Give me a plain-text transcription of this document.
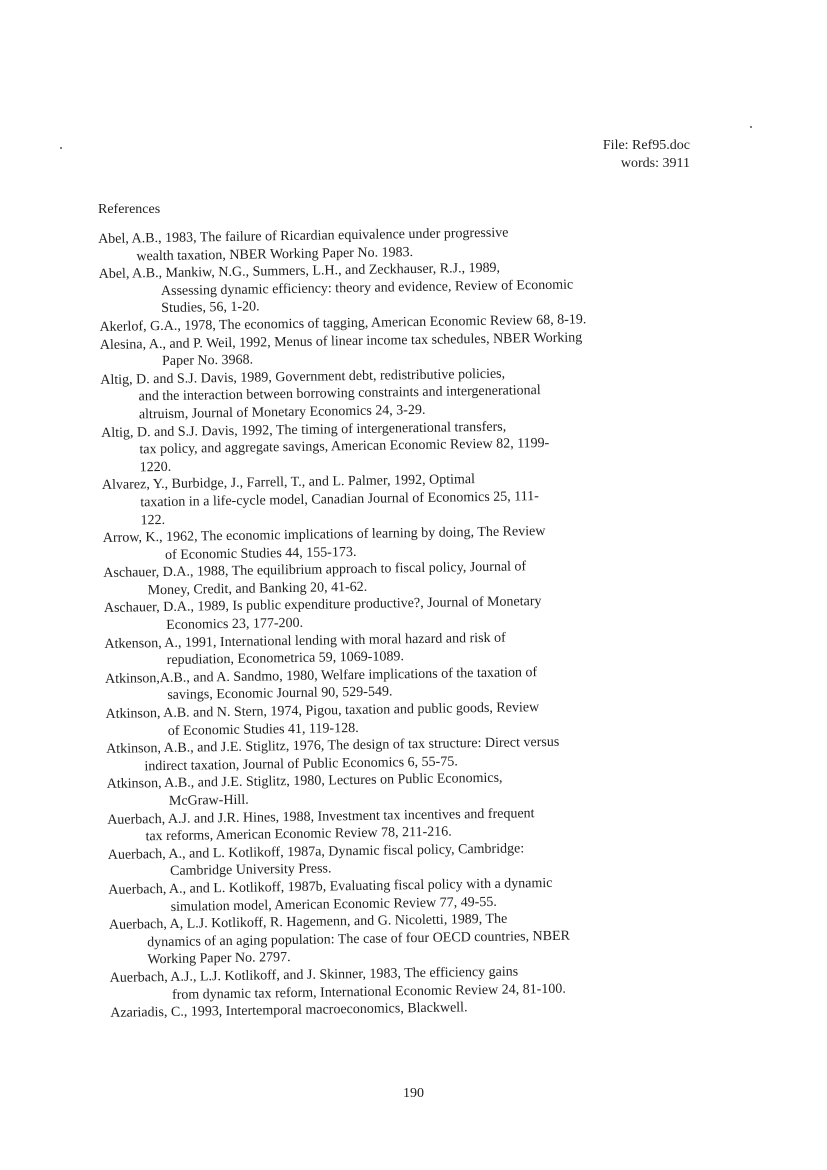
File: Ref95.doc
words: 3911
References
Abel, A.B., 1983, The failure of Ricardian equivalence under progressive
wealth taxation, NBER Working Paper No. 1983.
Abel, A.B., Mankiw, N.G., Summers, L.H., and Zeckhauser, R.J., 1989,
Assessing dynamic efficiency: theory and evidence, Review of Economic
Studies, 56, 1-20.
Akerlof, G.A., 1978, The economics of tagging, American Economic Review 68, 8-19.
Alesina, A., and P. Weil, 1992, Menus of linear income tax schedules, NBER Working
Paper No. 3968.
Altig, D. and S.J. Davis, 1989, Government debt, redistributive policies,
and the interaction between borrowing constraints and intergenerational
altruism, Journal of Monetary Economics 24, 3-29.
Altig, D. and S.J. Davis, 1992, The timing of intergenerational transfers,
tax policy, and aggregate savings, American Economic Review 82, 1199-
1220.
Alvarez, Y., Burbidge, J., Farrell, T., and L. Palmer, 1992, Optimal
taxation in a life-cycle model, Canadian Journal of Economics 25, 111-
122.
Arrow, K., 1962, The economic implications of learning by doing, The Review
of Economic Studies 44, 155-173.
Aschauer, D.A., 1988, The equilibrium approach to fiscal policy, Journal of
Money, Credit, and Banking 20, 41-62.
Aschauer, D.A., 1989, Is public expenditure productive?, Journal of Monetary
Economics 23, 177-200.
Atkenson, A., 1991, International lending with moral hazard and risk of
repudiation, Econometrica 59, 1069-1089.
Atkinson,A.B., and A. Sandmo, 1980, Welfare implications of the taxation of
savings, Economic Journal 90, 529-549.
Atkinson, A.B. and N. Stern, 1974, Pigou, taxation and public goods, Review
of Economic Studies 41, 119-128.
Atkinson, A.B., and J.E. Stiglitz, 1976, The design of tax structure: Direct versus
indirect taxation, Journal of Public Economics 6, 55-75.
Atkinson, A.B., and J.E. Stiglitz, 1980, Lectures on Public Economics,
McGraw-Hill.
Auerbach, A.J. and J.R. Hines, 1988, Investment tax incentives and frequent
tax reforms, American Economic Review 78, 211-216.
Auerbach, A., and L. Kotlikoff, 1987a, Dynamic fiscal policy, Cambridge:
Cambridge University Press.
Auerbach, A., and L. Kotlikoff, 1987b, Evaluating fiscal policy with a dynamic
simulation model, American Economic Review 77, 49-55.
Auerbach, A, L.J. Kotlikoff, R. Hagemenn, and G. Nicoletti, 1989, The
dynamics of an aging population: The case of four OECD countries, NBER
Working Paper No. 2797.
Auerbach, A.J., L.J. Kotlikoff, and J. Skinner, 1983, The efficiency gains
from dynamic tax reform, International Economic Review 24, 81-100.
Azariadis, C., 1993, Intertemporal macroeconomics, Blackwell.
190
